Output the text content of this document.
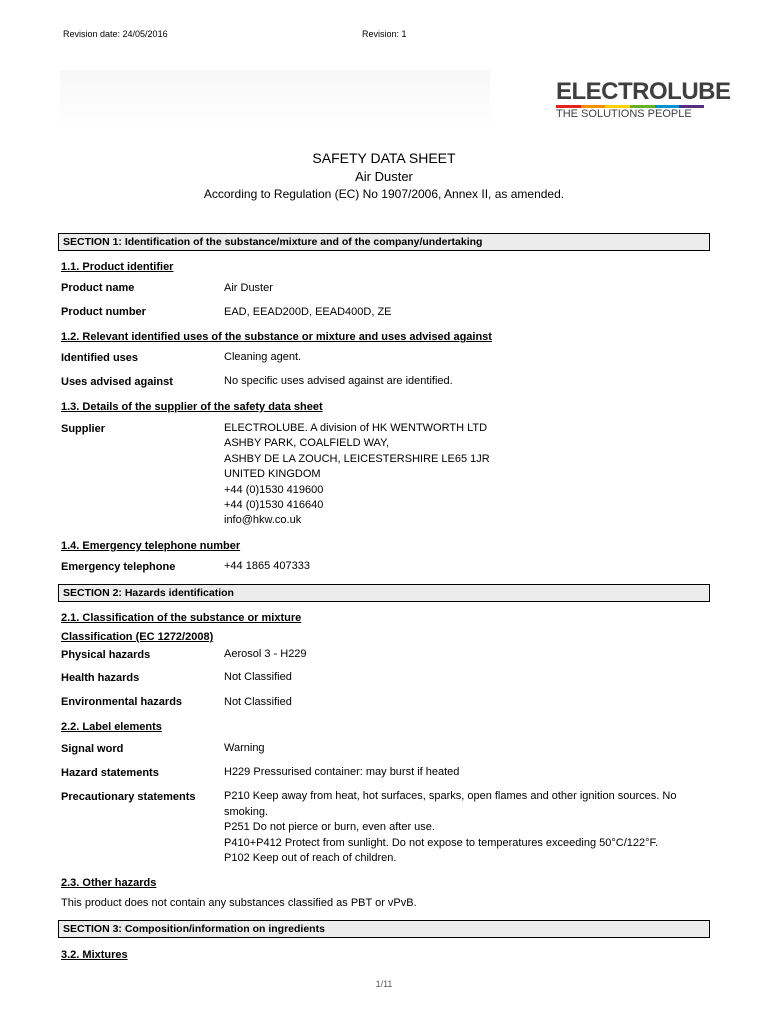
Revision date: 24/05/2016	Revision: 1
ELECTROLUBE
THE SOLUTIONS PEOPLE
SAFETY DATA SHEET
Air Duster
According to Regulation (EC) No 1907/2006, Annex II, as amended.
SECTION 1: Identification of the substance/mixture and of the company/undertaking
1.1. Product identifier
Product name	Air Duster
Product number	EAD, EEAD200D, EEAD400D, ZE
1.2. Relevant identified uses of the substance or mixture and uses advised against
Identified uses	Cleaning agent.
Uses advised against	No specific uses advised against are identified.
1.3. Details of the supplier of the safety data sheet
Supplier	ELECTROLUBE. A division of HK WENTWORTH LTD
ASHBY PARK, COALFIELD WAY,
ASHBY DE LA ZOUCH, LEICESTERSHIRE LE65 1JR
UNITED KINGDOM
+44 (0)1530 419600
+44 (0)1530 416640
info@hkw.co.uk
1.4. Emergency telephone number
Emergency telephone	+44 1865 407333
SECTION 2: Hazards identification
2.1. Classification of the substance or mixture
Classification (EC 1272/2008)
Physical hazards	Aerosol 3 - H229
Health hazards	Not Classified
Environmental hazards	Not Classified
2.2. Label elements
Signal word	Warning
Hazard statements	H229 Pressurised container: may burst if heated
Precautionary statements	P210 Keep away from heat, hot surfaces, sparks, open flames and other ignition sources. No
smoking.
P251 Do not pierce or burn, even after use.
P410+P412 Protect from sunlight. Do not expose to temperatures exceeding 50°C/122°F.
P102 Keep out of reach of children.
2.3. Other hazards
This product does not contain any substances classified as PBT or vPvB.
SECTION 3: Composition/information on ingredients
3.2. Mixtures
1/11
